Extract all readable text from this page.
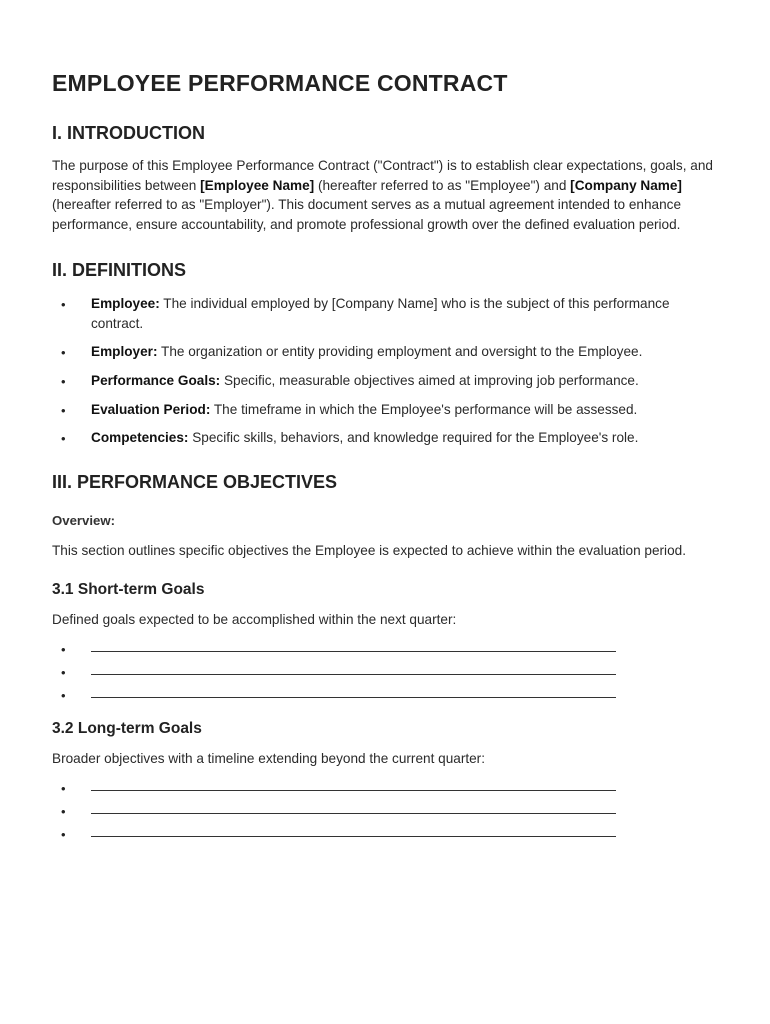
EMPLOYEE PERFORMANCE CONTRACT
I. INTRODUCTION

The purpose of this Employee Performance Contract ("Contract") is to establish clear expectations, goals, and responsibilities between [Employee Name] (hereafter referred to as "Employee") and [Company Name] (hereafter referred to as "Employer"). This document serves as a mutual agreement intended to enhance performance, ensure accountability, and promote professional growth over the defined evaluation period.

II. DEFINITIONS
• Employee: The individual employed by [Company Name] who is the subject of this performance contract.
• Employer: The organization or entity providing employment and oversight to the Employee.
• Performance Goals: Specific, measurable objectives aimed at improving job performance.
• Evaluation Period: The timeframe in which the Employee's performance will be assessed.
• Competencies: Specific skills, behaviors, and knowledge required for the Employee's role.
III. PERFORMANCE OBJECTIVES

Overview:

This section outlines specific objectives the Employee is expected to achieve within the evaluation period.

3.1 Short-term Goals

Defined goals expected to be accomplished within the next quarter:

•
•
•
3.2 Long-term Goals

Broader objectives with a timeline extending beyond the current quarter:

•
•
•
